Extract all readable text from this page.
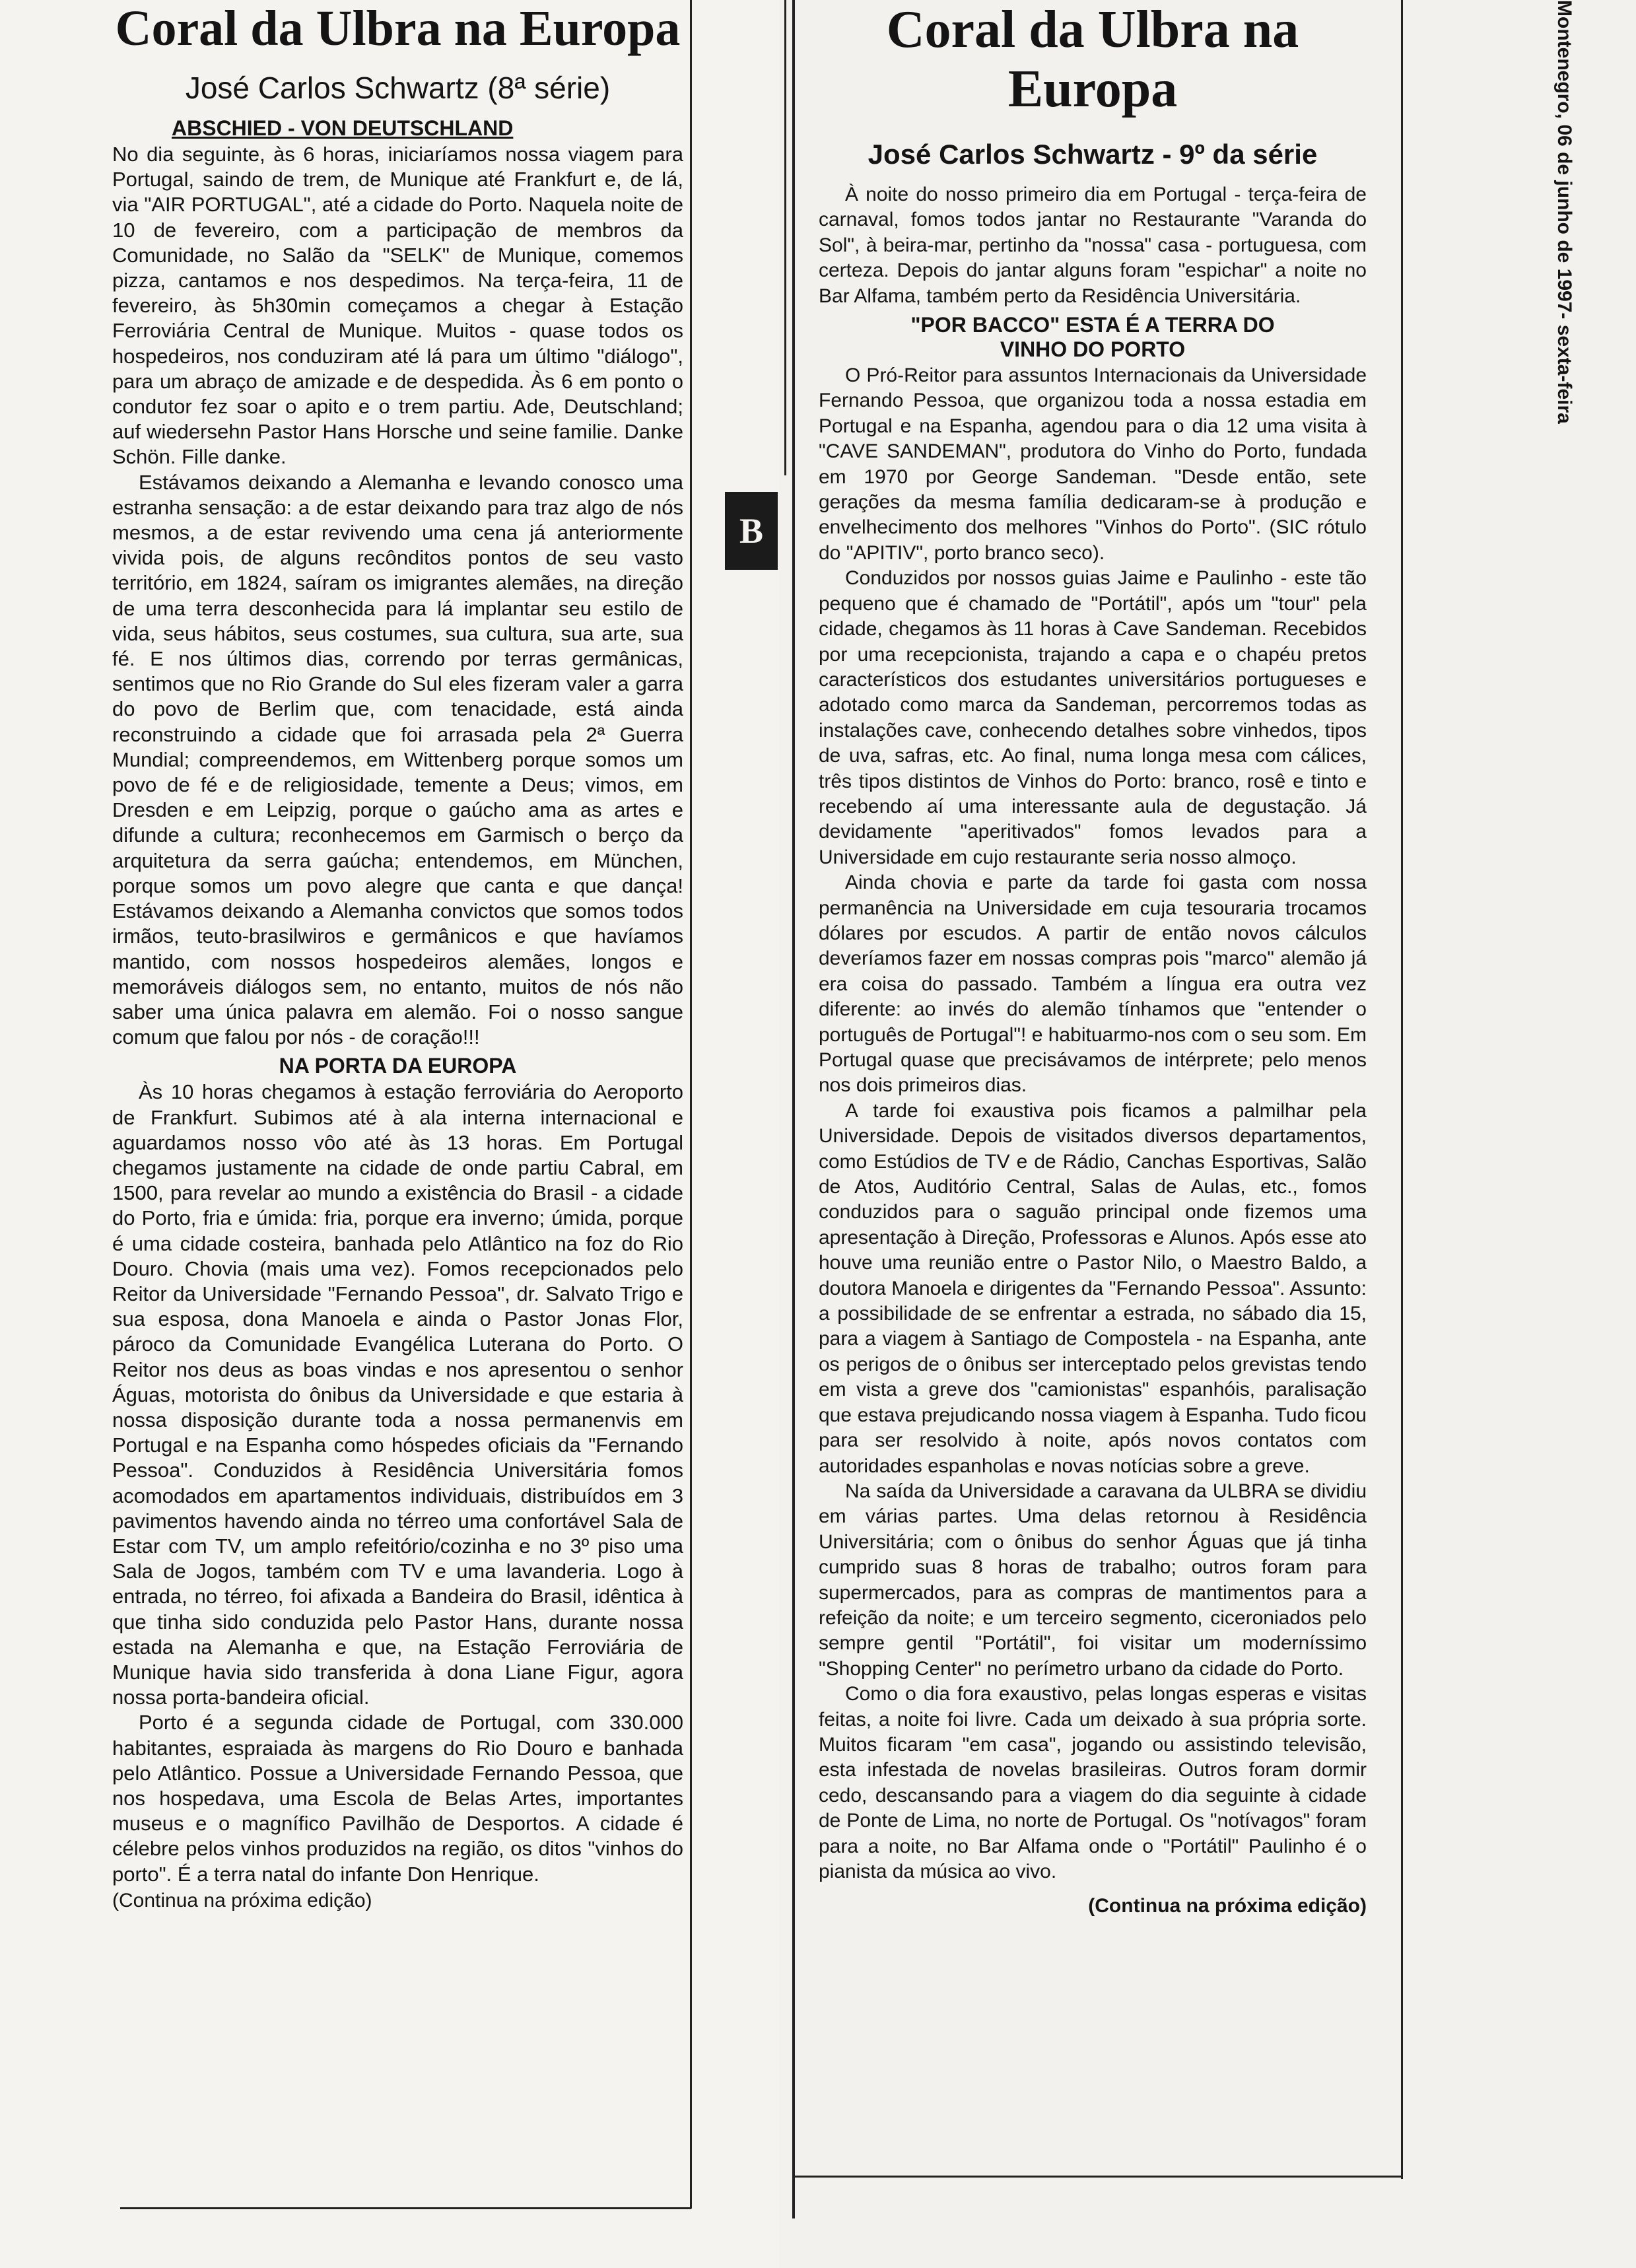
Montenegro, 06 de junho de 1997- sexta-feira
B
Coral da Ulbra na Europa
José Carlos Schwartz (8ª série)
ABSCHIED - VON DEUTSCHLAND

No dia seguinte, às 6 horas, iniciaríamos nossa viagem para Portugal, saindo de trem, de Munique até Frankfurt e, de lá, via "AIR PORTUGAL", até a cidade do Porto. Naquela noite de 10 de fevereiro, com a participação de membros da Comunidade, no Salão da "SELK" de Munique, comemos pizza, cantamos e nos despedimos. Na terça-feira, 11 de fevereiro, às 5h30min começamos a chegar à Estação Ferroviária Central de Munique. Muitos - quase todos os hospedeiros, nos conduziram até lá para um último "diálogo", para um abraço de amizade e de despedida. Às 6 em ponto o condutor fez soar o apito e o trem partiu. Ade, Deutschland; auf wiedersehn Pastor Hans Horsche und seine familie. Danke Schön. Fille danke.

Estávamos deixando a Alemanha e levando conosco uma estranha sensação: a de estar deixando para traz algo de nós mesmos, a de estar revivendo uma cena já anteriormente vivida pois, de alguns recônditos pontos de seu vasto território, em 1824, saíram os imigrantes alemães, na direção de uma terra desconhecida para lá implantar seu estilo de vida, seus hábitos, seus costumes, sua cultura, sua arte, sua fé. E nos últimos dias, correndo por terras germânicas, sentimos que no Rio Grande do Sul eles fizeram valer a garra do povo de Berlim que, com tenacidade, está ainda reconstruindo a cidade que foi arrasada pela 2ª Guerra Mundial; compreendemos, em Wittenberg porque somos um povo de fé e de religiosidade, temente a Deus; vimos, em Dresden e em Leipzig, porque o gaúcho ama as artes e difunde a cultura; reconhecemos em Garmisch o berço da arquitetura da serra gaúcha; entendemos, em München, porque somos um povo alegre que canta e que dança! Estávamos deixando a Alemanha convictos que somos todos irmãos, teuto-brasilwiros e germânicos e que havíamos mantido, com nossos hospedeiros alemães, longos e memoráveis diálogos sem, no entanto, muitos de nós não saber uma única palavra em alemão. Foi o nosso sangue comum que falou por nós - de coração!!!

NA PORTA DA EUROPA

Às 10 horas chegamos à estação ferroviária do Aeroporto de Frankfurt. Subimos até à ala interna internacional e aguardamos nosso vôo até às 13 horas. Em Portugal chegamos justamente na cidade de onde partiu Cabral, em 1500, para revelar ao mundo a existência do Brasil - a cidade do Porto, fria e úmida: fria, porque era inverno; úmida, porque é uma cidade costeira, banhada pelo Atlântico na foz do Rio Douro. Chovia (mais uma vez). Fomos recepcionados pelo Reitor da Universidade "Fernando Pessoa", dr. Salvato Trigo e sua esposa, dona Manoela e ainda o Pastor Jonas Flor, pároco da Comunidade Evangélica Luterana do Porto. O Reitor nos deus as boas vindas e nos apresentou o senhor Águas, motorista do ônibus da Universidade e que estaria à nossa disposição durante toda a nossa permanenvis em Portugal e na Espanha como hóspedes oficiais da "Fernando Pessoa". Conduzidos à Residência Universitária fomos acomodados em apartamentos individuais, distribuídos em 3 pavimentos havendo ainda no térreo uma confortável Sala de Estar com TV, um amplo refeitório/cozinha e no 3º piso uma Sala de Jogos, também com TV e uma lavanderia. Logo à entrada, no térreo, foi afixada a Bandeira do Brasil, idêntica à que tinha sido conduzida pelo Pastor Hans, durante nossa estada na Alemanha e que, na Estação Ferroviária de Munique havia sido transferida à dona Liane Figur, agora nossa porta-bandeira oficial.

Porto é a segunda cidade de Portugal, com 330.000 habitantes, espraiada às margens do Rio Douro e banhada pelo Atlântico. Possue a Universidade Fernando Pessoa, que nos hospedava, uma Escola de Belas Artes, importantes museus e o magnífico Pavilhão de Desportos. A cidade é célebre pelos vinhos produzidos na região, os ditos "vinhos do porto". É a terra natal do infante Don Henrique.

(Continua na próxima edição)
Coral da Ulbra na Europa
José Carlos Schwartz - 9º da série

À noite do nosso primeiro dia em Portugal - terça-feira de carnaval, fomos todos jantar no Restaurante "Varanda do Sol", à beira-mar, pertinho da "nossa" casa - portuguesa, com certeza. Depois do jantar alguns foram "espichar" a noite no Bar Alfama, também perto da Residência Universitária.

"POR BACCO" ESTA É A TERRA DO VINHO DO PORTO

O Pró-Reitor para assuntos Internacionais da Universidade Fernando Pessoa, que organizou toda a nossa estadia em Portugal e na Espanha, agendou para o dia 12 uma visita à "CAVE SANDEMAN", produtora do Vinho do Porto, fundada em 1970 por George Sandeman. "Desde então, sete gerações da mesma família dedicaram-se à produção e envelhecimento dos melhores "Vinhos do Porto". (SIC rótulo do "APITIV", porto branco seco).

Conduzidos por nossos guias Jaime e Paulinho - este tão pequeno que é chamado de "Portátil", após um "tour" pela cidade, chegamos às 11 horas à Cave Sandeman. Recebidos por uma recepcionista, trajando a capa e o chapéu pretos característicos dos estudantes universitários portugueses e adotado como marca da Sandeman, percorremos todas as instalações cave, conhecendo detalhes sobre vinhedos, tipos de uva, safras, etc. Ao final, numa longa mesa com cálices, três tipos distintos de Vinhos do Porto: branco, rosê e tinto e recebendo aí uma interessante aula de degustação. Já devidamente "aperitivados" fomos levados para a Universidade em cujo restaurante seria nosso almoço.

Ainda chovia e parte da tarde foi gasta com nossa permanência na Universidade em cuja tesouraria trocamos dólares por escudos. A partir de então novos cálculos deveríamos fazer em nossas compras pois "marco" alemão já era coisa do passado. Também a língua era outra vez diferente: ao invés do alemão tínhamos que "entender o português de Portugal"! e habituarmo-nos com o seu som. Em Portugal quase que precisávamos de intérprete; pelo menos nos dois primeiros dias.

A tarde foi exaustiva pois ficamos a palmilhar pela Universidade. Depois de visitados diversos departamentos, como Estúdios de TV e de Rádio, Canchas Esportivas, Salão de Atos, Auditório Central, Salas de Aulas, etc., fomos conduzidos para o saguão principal onde fizemos uma apresentação à Direção, Professoras e Alunos. Após esse ato houve uma reunião entre o Pastor Nilo, o Maestro Baldo, a doutora Manoela e dirigentes da "Fernando Pessoa". Assunto: a possibilidade de se enfrentar a estrada, no sábado dia 15, para a viagem à Santiago de Compostela - na Espanha, ante os perigos de o ônibus ser interceptado pelos grevistas tendo em vista a greve dos "camionistas" espanhóis, paralisação que estava prejudicando nossa viagem à Espanha. Tudo ficou para ser resolvido à noite, após novos contatos com autoridades espanholas e novas notícias sobre a greve.

Na saída da Universidade a caravana da ULBRA se dividiu em várias partes. Uma delas retornou à Residência Universitária; com o ônibus do senhor Águas que já tinha cumprido suas 8 horas de trabalho; outros foram para supermercados, para as compras de mantimentos para a refeição da noite; e um terceiro segmento, ciceroniados pelo sempre gentil "Portátil", foi visitar um moderníssimo "Shopping Center" no perímetro urbano da cidade do Porto.

Como o dia fora exaustivo, pelas longas esperas e visitas feitas, a noite foi livre. Cada um deixado à sua própria sorte. Muitos ficaram "em casa", jogando ou assistindo televisão, esta infestada de novelas brasileiras. Outros foram dormir cedo, descansando para a viagem do dia seguinte à cidade de Ponte de Lima, no norte de Portugal. Os "notívagos" foram para a noite, no Bar Alfama onde o "Portátil" Paulinho é o pianista da música ao vivo.

(Continua na próxima edição)
